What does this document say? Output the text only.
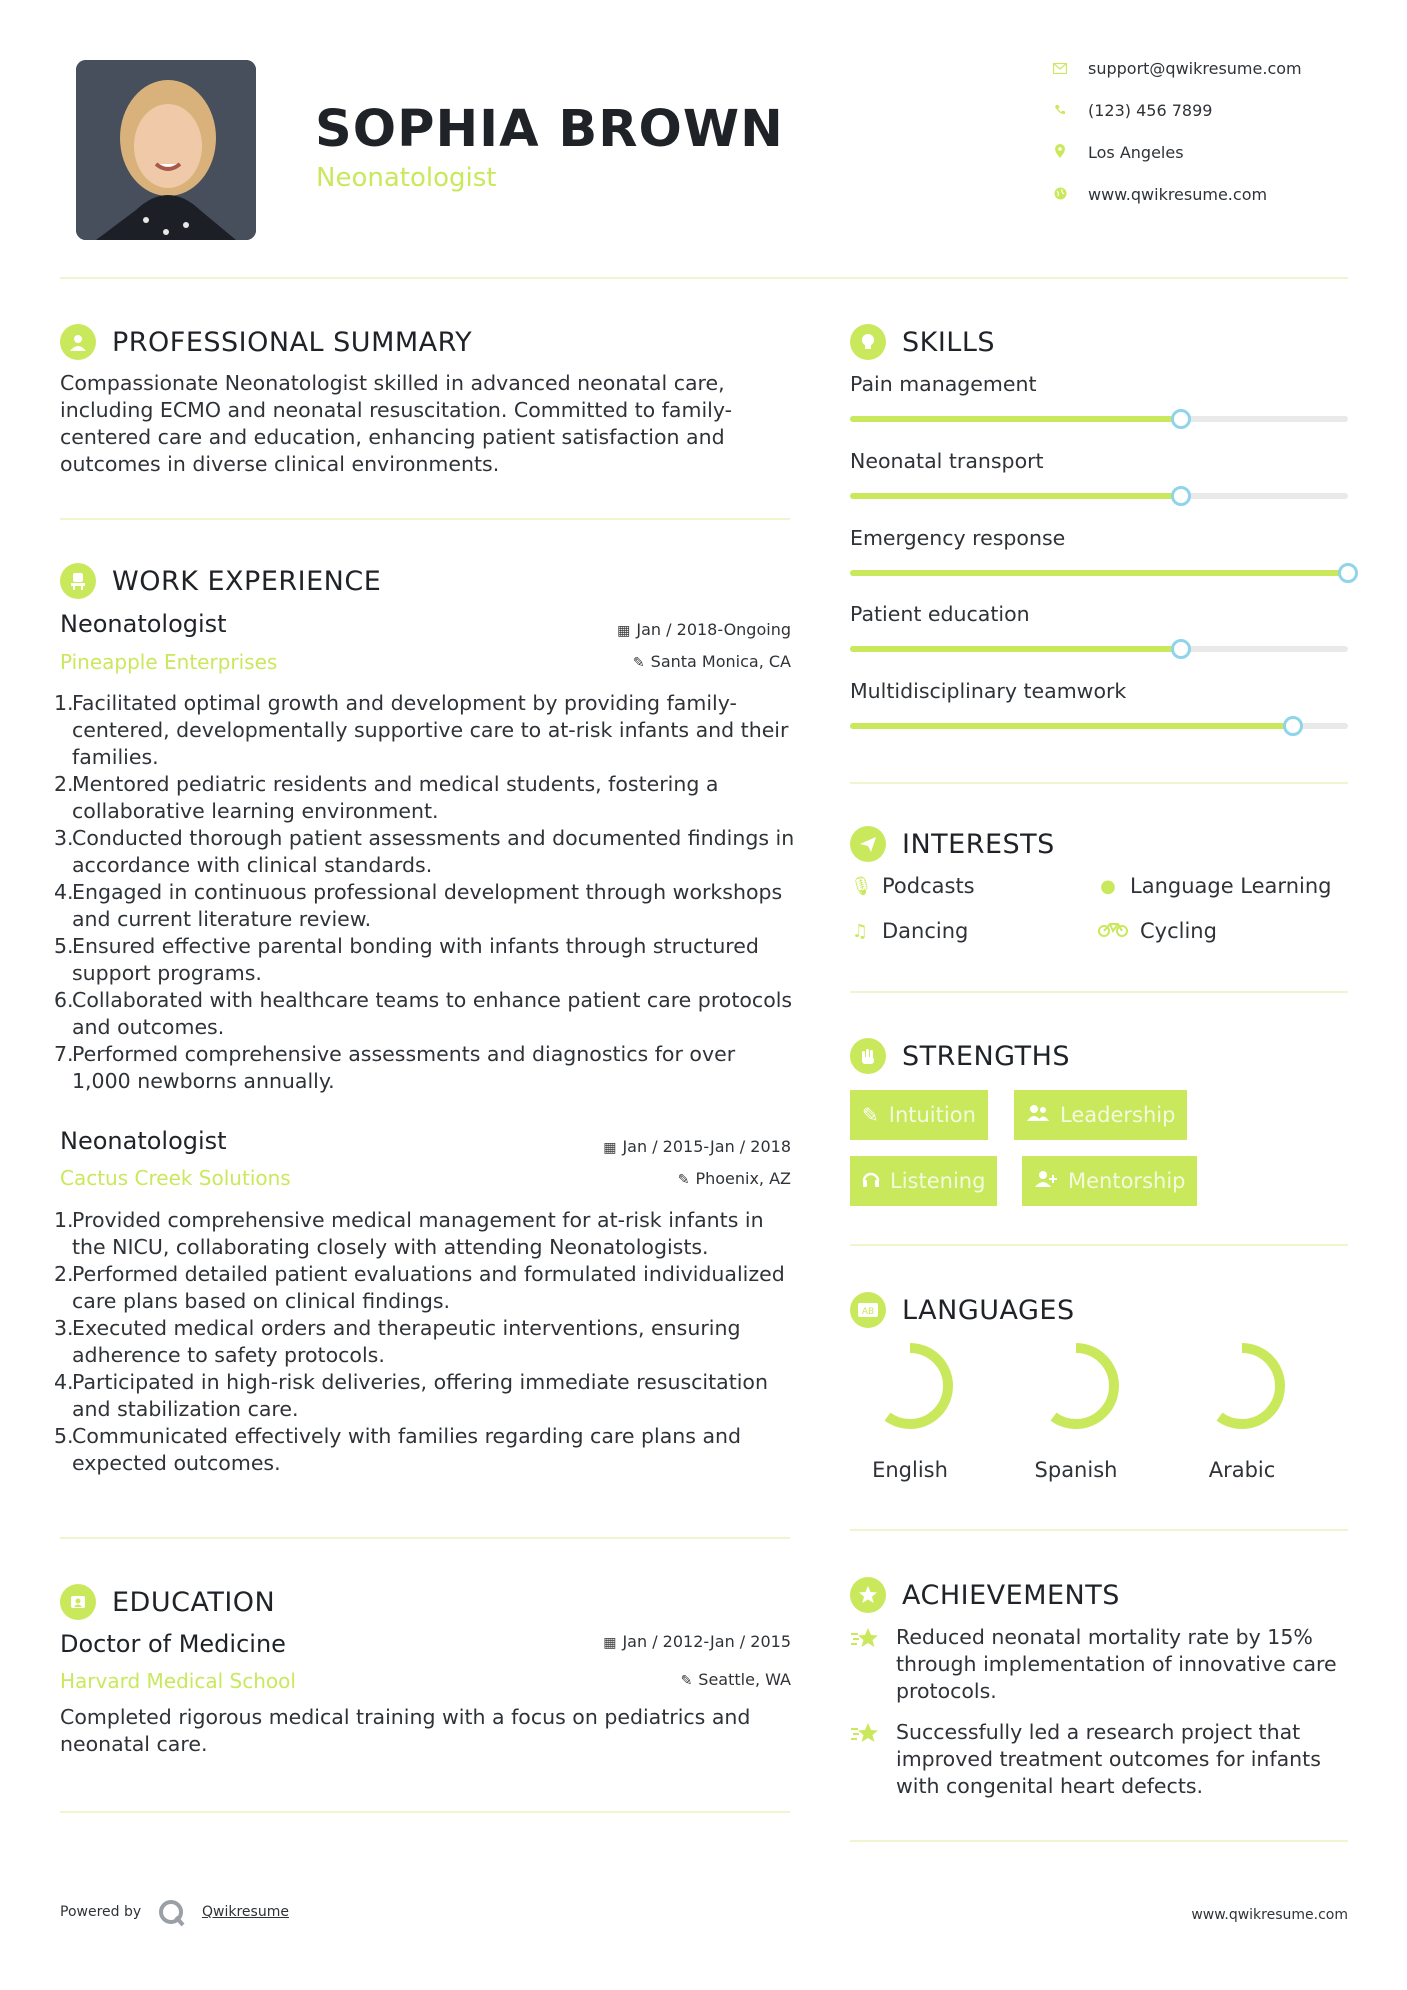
SOPHIA BROWN
Neonatologist
support@qwikresume.com
(123) 456 7899
Los Angeles
www.qwikresume.com
PROFESSIONAL SUMMARY
Compassionate Neonatologist skilled in advanced neonatal care, including ECMO and neonatal resuscitation. Committed to family-centered care and education, enhancing patient satisfaction and outcomes in diverse clinical environments.
WORK EXPERIENCE
Neonatologist
Pineapple Enterprises
▦ Jan / 2018-Ongoing
✎ Santa Monica, CA
1.
Facilitated optimal growth and development by providing family-centered, developmentally supportive care to at-risk infants and their families.
2.
Mentored pediatric residents and medical students, fostering a collaborative learning environment.
3.
Conducted thorough patient assessments and documented findings in accordance with clinical standards.
4.
Engaged in continuous professional development through workshops and current literature review.
5.
Ensured effective parental bonding with infants through structured support programs.
6.
Collaborated with healthcare teams to enhance patient care protocols and outcomes.
7.
Performed comprehensive assessments and diagnostics for over 1,000 newborns annually.
Neonatologist
Cactus Creek Solutions
▦ Jan / 2015-Jan / 2018
✎ Phoenix, AZ
1.
Provided comprehensive medical management for at-risk infants in the NICU, collaborating closely with attending Neonatologists.
2.
Performed detailed patient evaluations and formulated individualized care plans based on clinical findings.
3.
Executed medical orders and therapeutic interventions, ensuring adherence to safety protocols.
4.
Participated in high-risk deliveries, offering immediate resuscitation and stabilization care.
5.
Communicated effectively with families regarding care plans and expected outcomes.
EDUCATION
Doctor of Medicine
Harvard Medical School
▦ Jan / 2012-Jan / 2015
✎ Seattle, WA
Completed rigorous medical training with a focus on pediatrics and neonatal care.
SKILLS
Pain management
Neonatal transport
Emergency response
Patient education
Multidisciplinary teamwork
INTERESTS
🎙︎ Podcasts	● Language Learning
♫ Dancing	Cycling
STRENGTHS
✎ Intuition	Leadership
Listening	Mentorship
AB LANGUAGES
English	Spanish	Arabic
ACHIEVEMENTS
Reduced neonatal mortality rate by 15% through implementation of innovative care protocols.
Successfully led a research project that improved treatment outcomes for infants with congenital heart defects.
Powered by	Qwikresume	www.qwikresume.com
